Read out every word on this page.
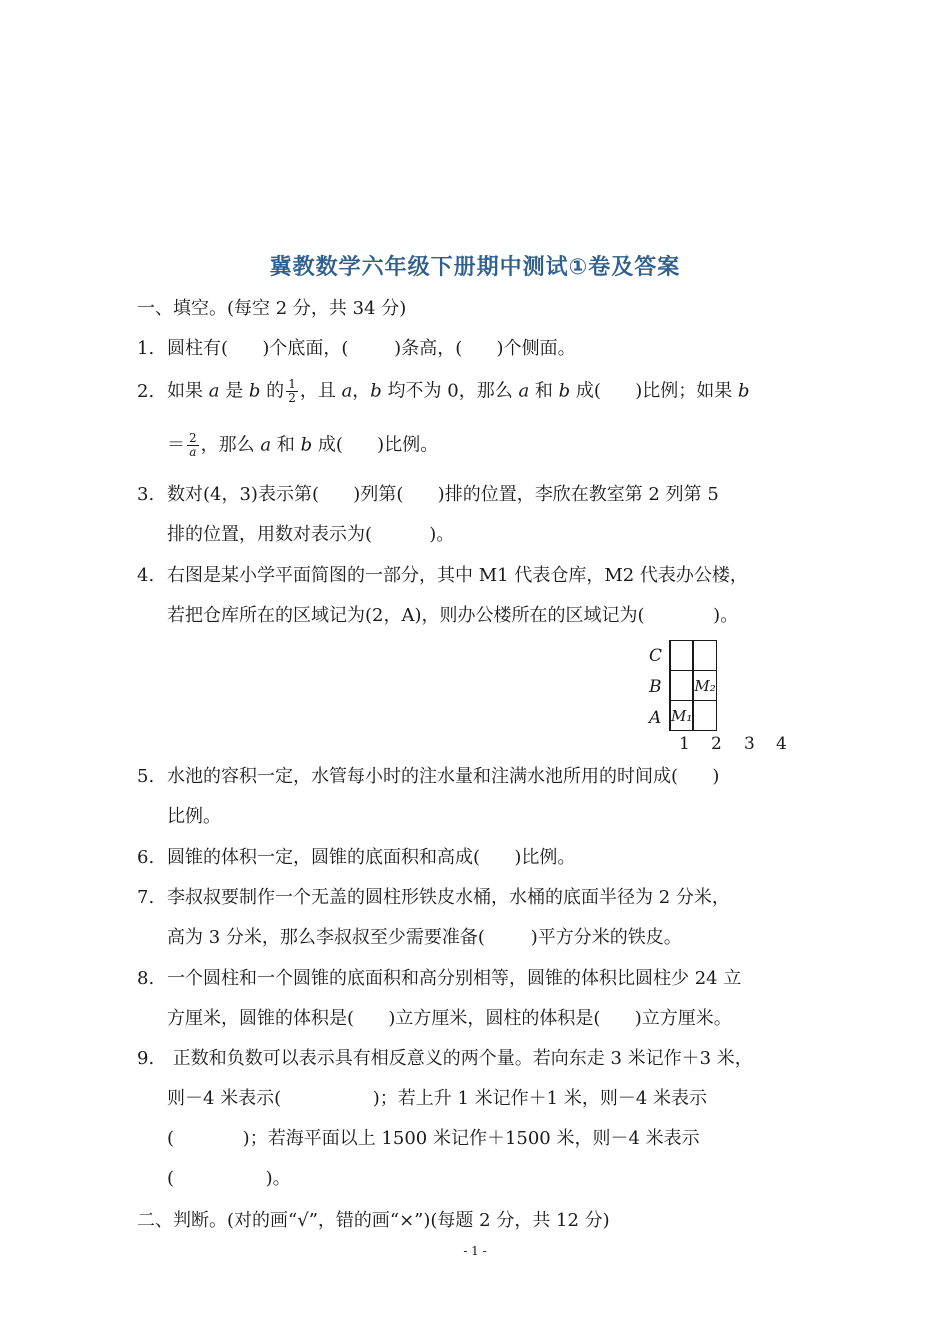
冀教数学六年级下册期中测试①卷及答案
一、填空。(每空 2 分，共 34 分)
1. 圆柱有(      )个底面，(        )条高，(      )个侧面。
2. 如果 a 是 b 的 $\frac{1}{2}$ ，且 a，b 均不为 0，那么 a 和 b 成(      )比例；如果 b
＝ $\frac{2}{a}$ ，那么 a 和 b 成(      )比例。
3. 数对(4，3)表示第(      )列第(      )排的位置，李欣在教室第 2 列第 5
排的位置，用数对表示为(          )。
4. 右图是某小学平面简图的一部分，其中 M1 代表仓库，M2 代表办公楼，
若把仓库所在的区域记为(2，A)，则办公楼所在的区域记为(            )。
C
B
A

			M₂
	M₁		
1 2 3 4
5. 水池的容积一定，水管每小时的注水量和注满水池所用的时间成(      )
比例。
6. 圆锥的体积一定，圆锥的底面积和高成(      )比例。
7. 李叔叔要制作一个无盖的圆柱形铁皮水桶，水桶的底面半径为 2 分米，
高为 3 分米，那么李叔叔至少需要准备(        )平方分米的铁皮。
8. 一个圆柱和一个圆锥的底面积和高分别相等，圆锥的体积比圆柱少 24 立
方厘米，圆锥的体积是(      )立方厘米，圆柱的体积是(      )立方厘米。
9. 正数和负数可以表示具有相反意义的两个量。若向东走 3 米记作＋3 米，
则－4 米表示(                )；若上升 1 米记作＋1 米，则－4 米表示
(            )；若海平面以上 1500 米记作＋1500 米，则－4 米表示
(                )。
二、判断。(对的画“√”，错的画“×”)(每题 2 分，共 12 分)
- 1 -
